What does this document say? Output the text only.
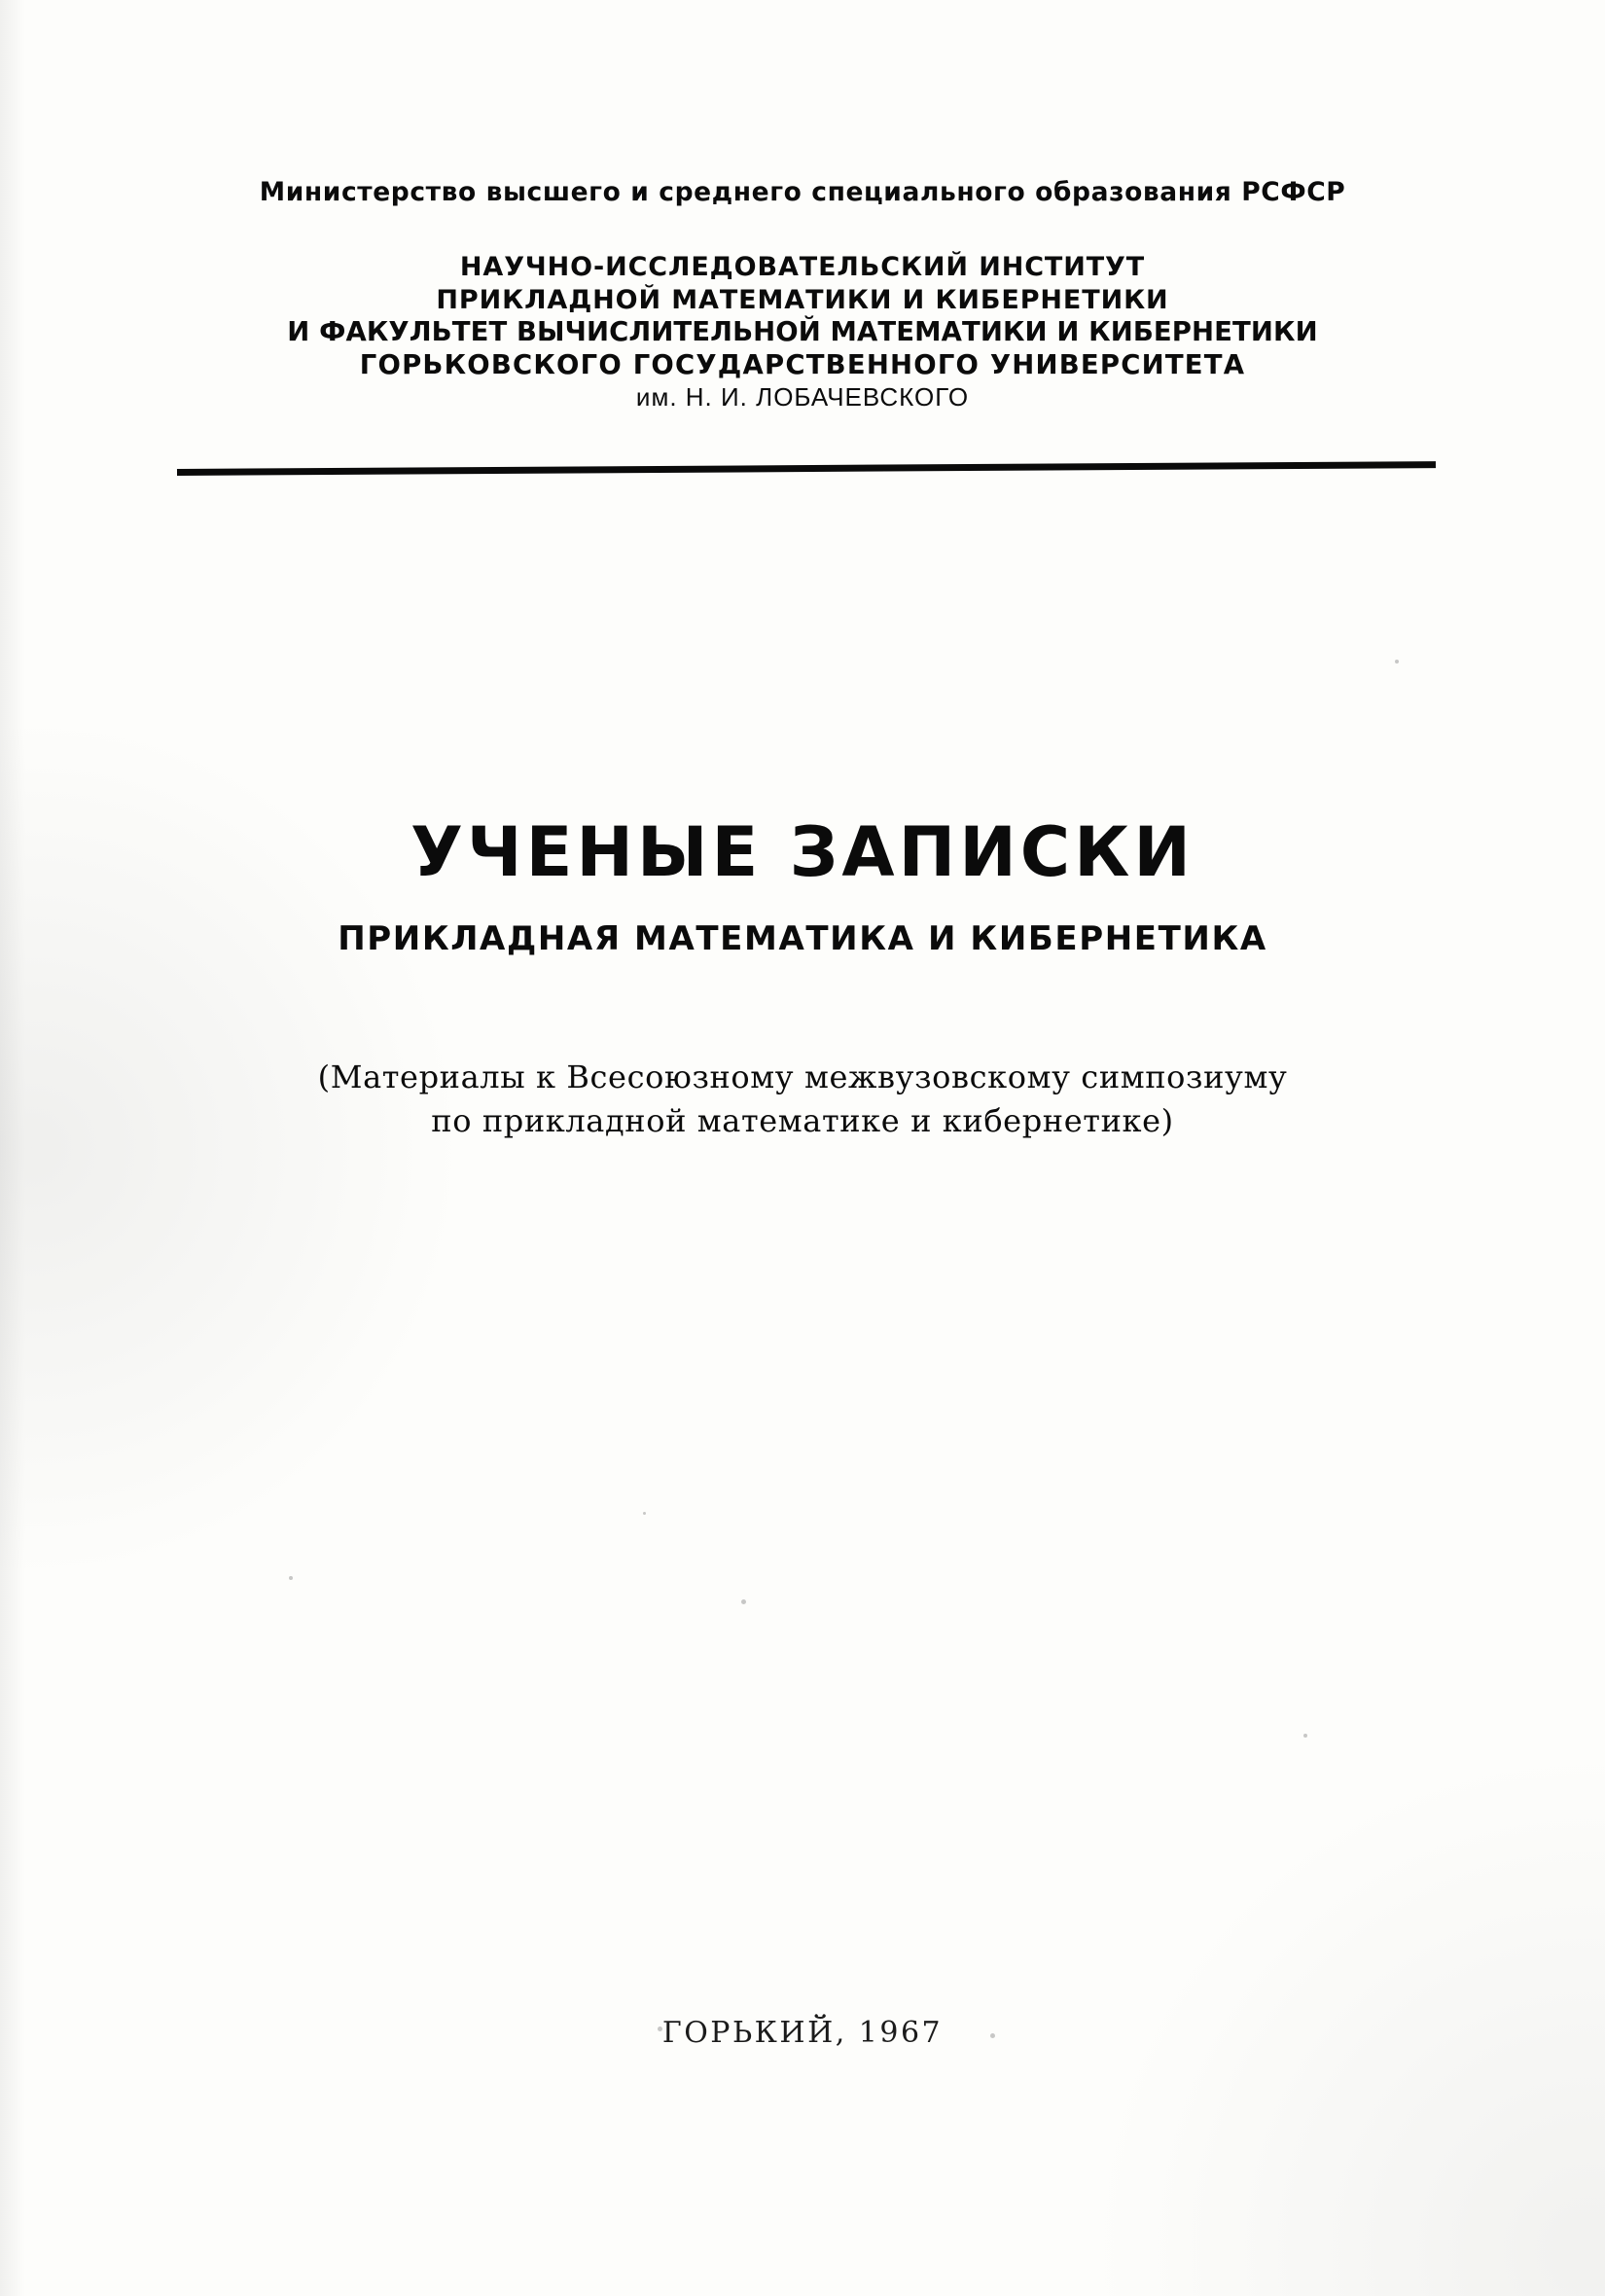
Министерство высшего и среднего специального образования РСФСР
НАУЧНО-ИССЛЕДОВАТЕЛЬСКИЙ ИНСТИТУТ
ПРИКЛАДНОЙ МАТЕМАТИКИ И КИБЕРНЕТИКИ
И ФАКУЛЬТЕТ ВЫЧИСЛИТЕЛЬНОЙ МАТЕМАТИКИ И КИБЕРНЕТИКИ
ГОРЬКОВСКОГО ГОСУДАРСТВЕННОГО УНИВЕРСИТЕТА
им. Н. И. ЛОБАЧЕВСКОГО
УЧЕНЫЕ ЗАПИСКИ
ПРИКЛАДНАЯ МАТЕМАТИКА И КИБЕРНЕТИКА
(Материалы к Всесоюзному межвузовскому симпозиуму
по прикладной математике и кибернетике)
ГОРЬКИЙ, 1967
